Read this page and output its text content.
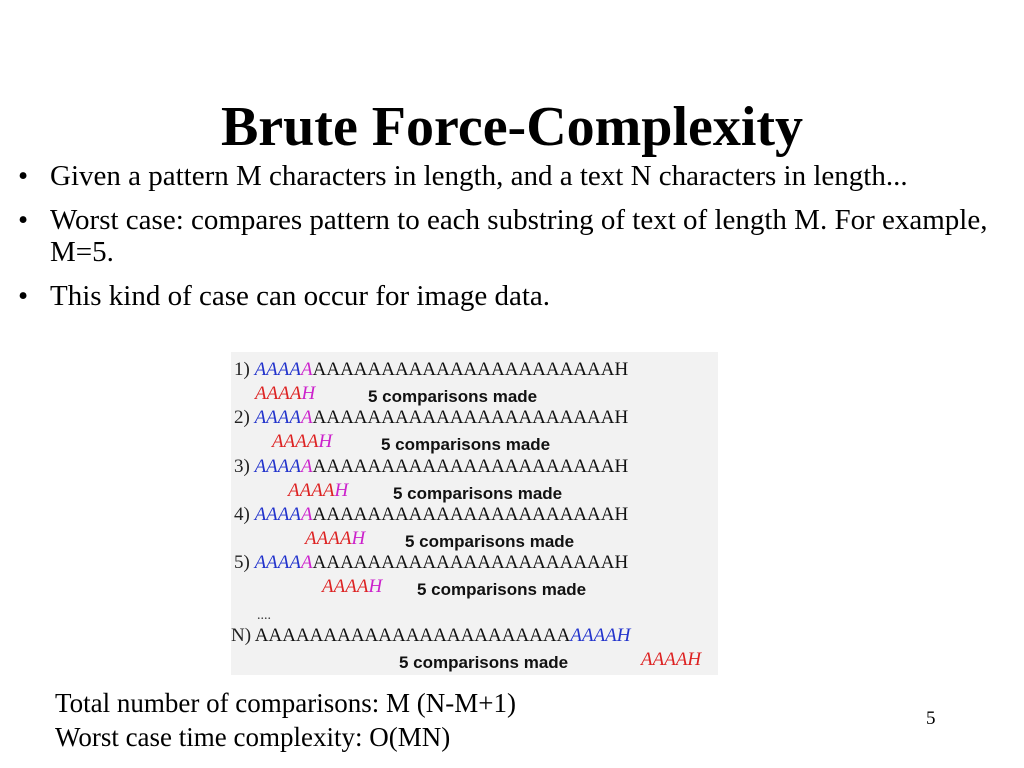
Brute Force-Complexity
• Given a pattern M characters in length, and a text N characters in length...
• Worst case: compares pattern to each substring of text of length M. For example, M=5.
• This kind of case can occur for image data.
1) AAAAAAAAAAAAAAAAAAAAAAAAAAAH
AAAAH	5 comparisons made
2) AAAAAAAAAAAAAAAAAAAAAAAAAAAH
AAAAH	5 comparisons made
3) AAAAAAAAAAAAAAAAAAAAAAAAAAAH
AAAAH	5 comparisons made
4) AAAAAAAAAAAAAAAAAAAAAAAAAAAH
AAAAH 5 comparisons made
5) AAAAAAAAAAAAAAAAAAAAAAAAAAAH
AAAAH 5 comparisons made
....
N) AAAAAAAAAAAAAAAAAAAAAAAAAAAH
5 comparisons made	AAAAH
Total number of comparisons: M (N-M+1)
Worst case time complexity: O(MN)
5
